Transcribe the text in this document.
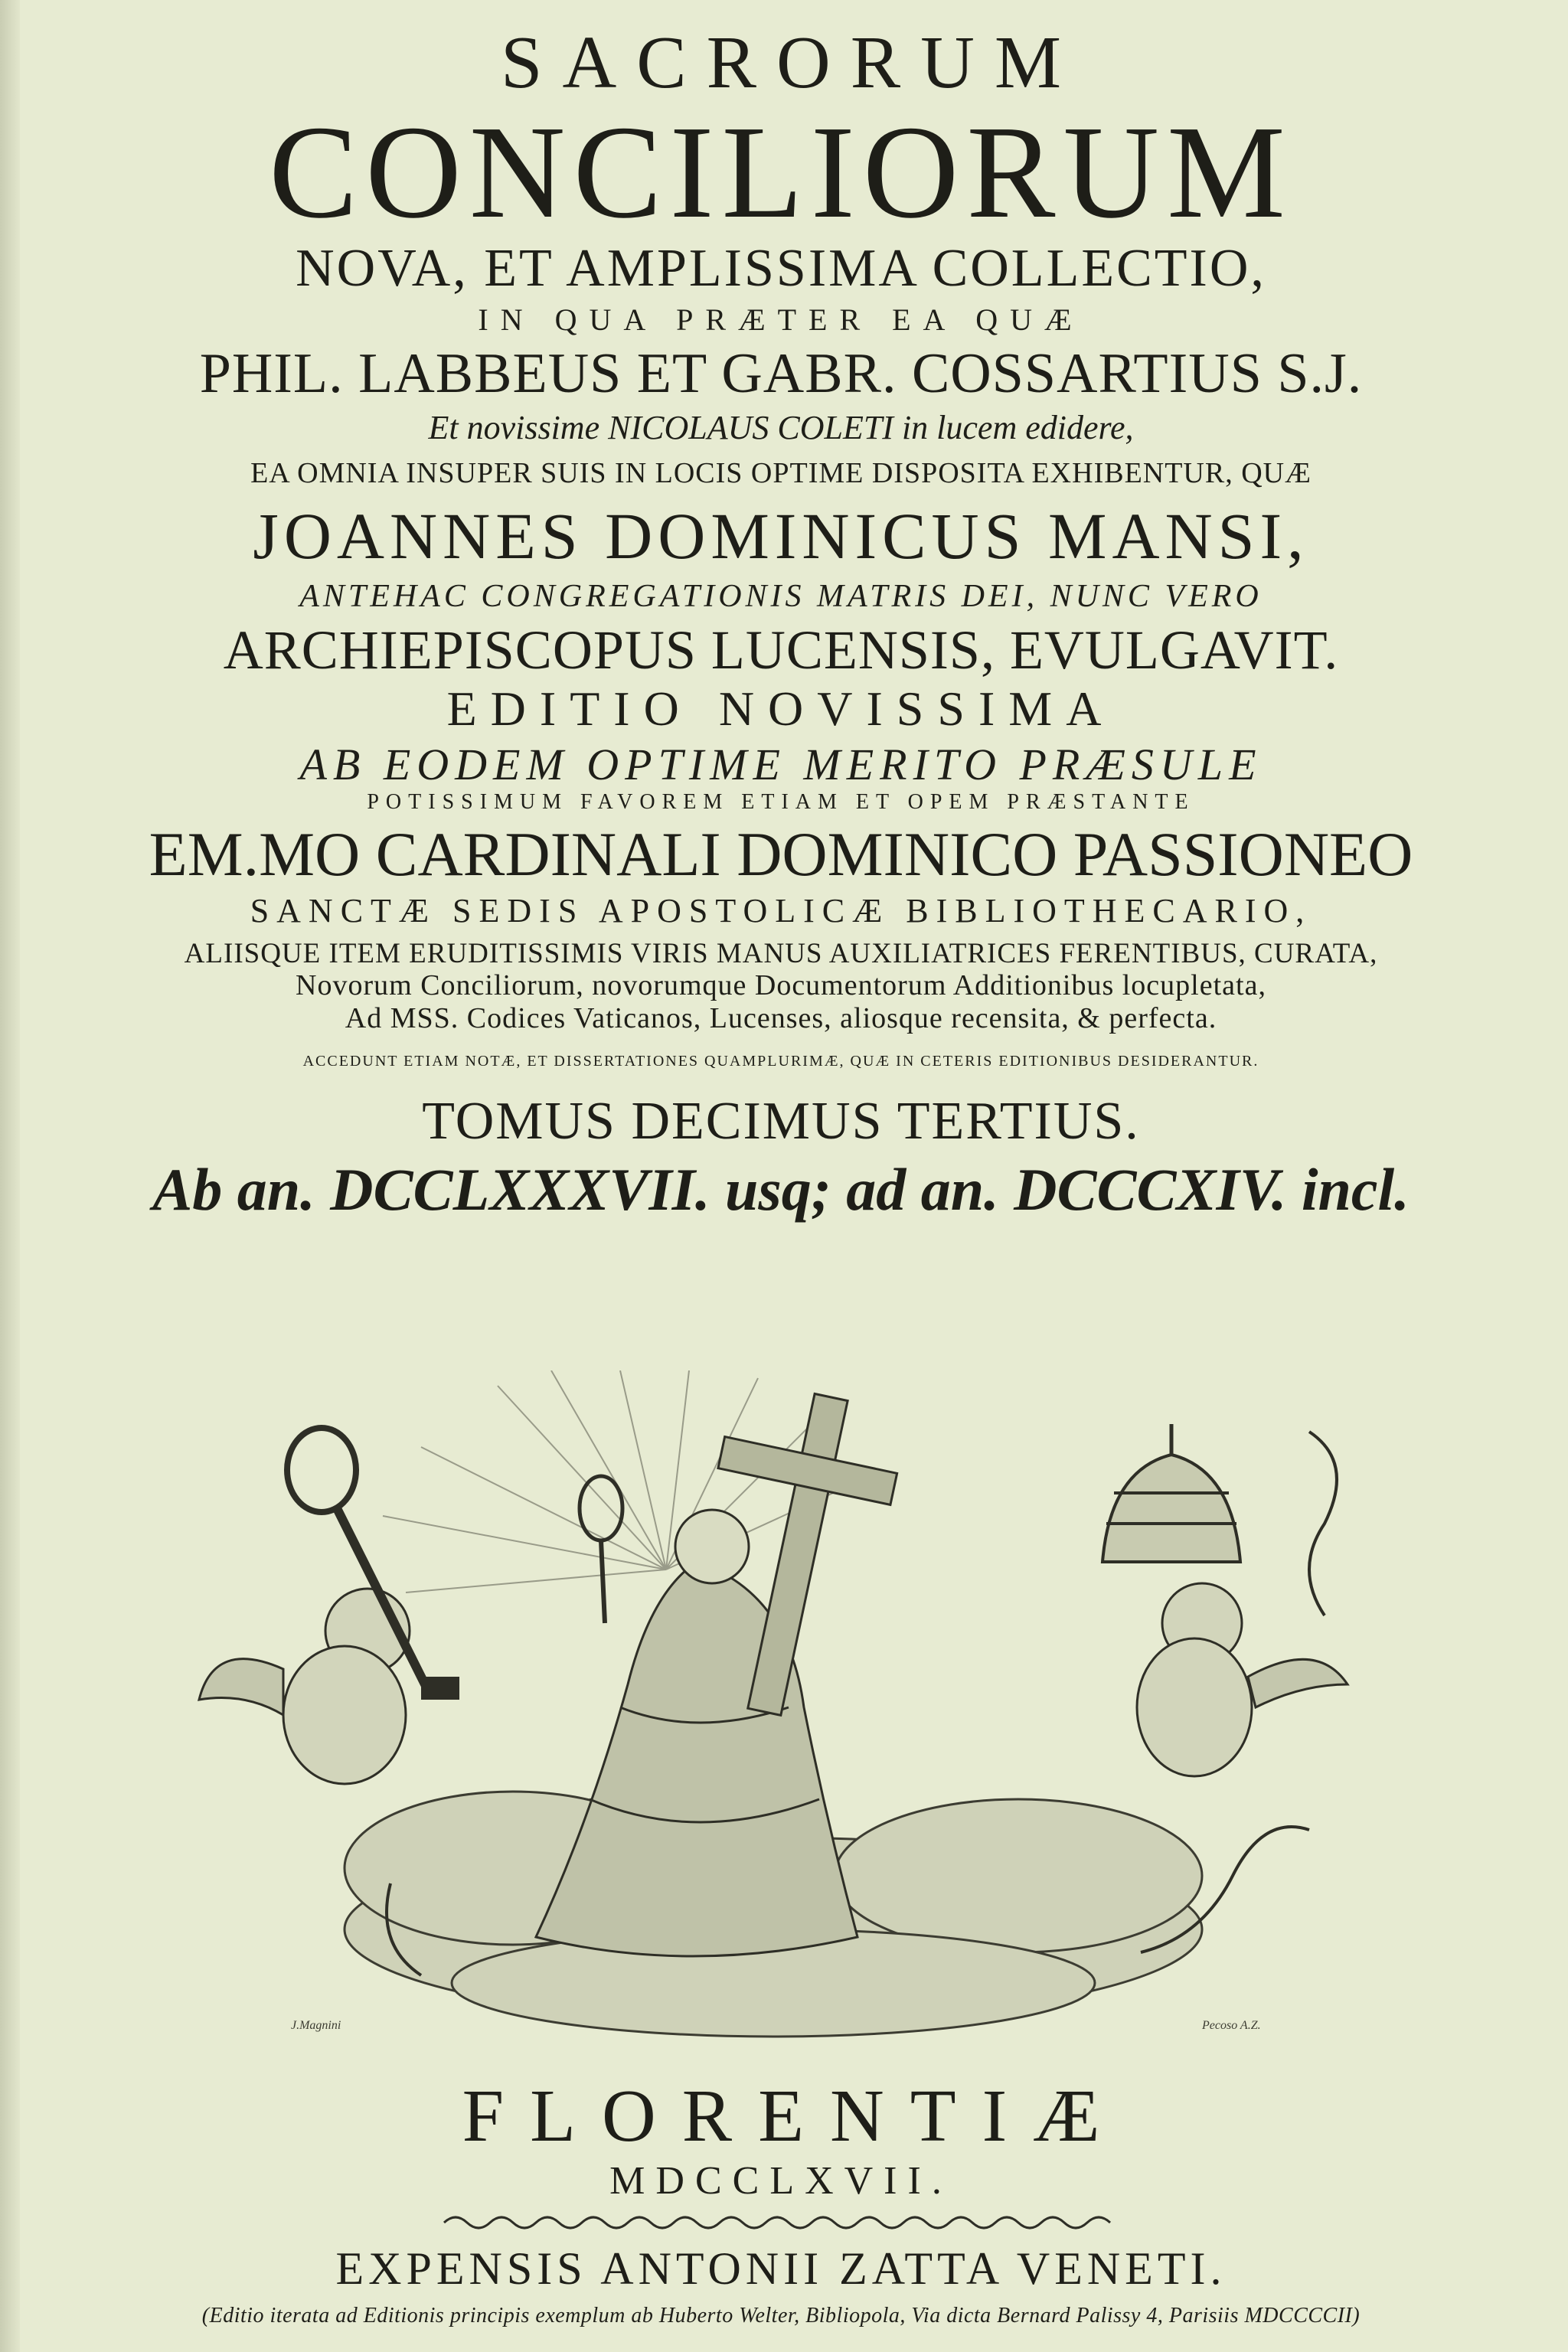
SACRORUM

CONCILIORUM

NOVA, ET AMPLISSIMA COLLECTIO,

IN QUA PRÆTER EA QUÆ

PHIL. LABBEUS ET GABR. COSSARTIUS S.J.

Et novissime NICOLAUS COLETI in lucem edidere,

EA OMNIA INSUPER SUIS IN LOCIS OPTIME DISPOSITA EXHIBENTUR, QUÆ

JOANNES DOMINICUS MANSI,

ANTEHAC CONGREGATIONIS MATRIS DEI, NUNC VERO

ARCHIEPISCOPUS LUCENSIS, EVULGAVIT.

EDITIO NOVISSIMA

AB EODEM OPTIME MERITO PRÆSULE

POTISSIMUM FAVOREM ETIAM ET OPEM PRÆSTANTE

EM.MO CARDINALI DOMINICO PASSIONEO

SANCTÆ SEDIS APOSTOLICÆ BIBLIOTHECARIO,

ALIISQUE ITEM ERUDITISSIMIS VIRIS MANUS AUXILIATRICES FERENTIBUS, CURATA,

Novorum Conciliorum, novorumque Documentorum Additionibus locupletata,

Ad MSS. Codices Vaticanos, Lucenses, aliosque recensita, & perfecta.

ACCEDUNT ETIAM NOTÆ, ET DISSERTATIONES QUAMPLURIMÆ, QUÆ IN CETERIS EDITIONIBUS DESIDERANTUR.

TOMUS DECIMUS TERTIUS.

Ab an. DCCLXXXVII. usq; ad an. DCCCXIV. incl.

J.Magnini	Pecoso A.Z.

FLORENTIÆ

MDCCLXVII.

EXPENSIS ANTONII ZATTA VENETI.

(Editio iterata ad Editionis principis exemplum ab Huberto Welter, Bibliopola, Via dicta Bernard Palissy 4, Parisiis MDCCCCII)
